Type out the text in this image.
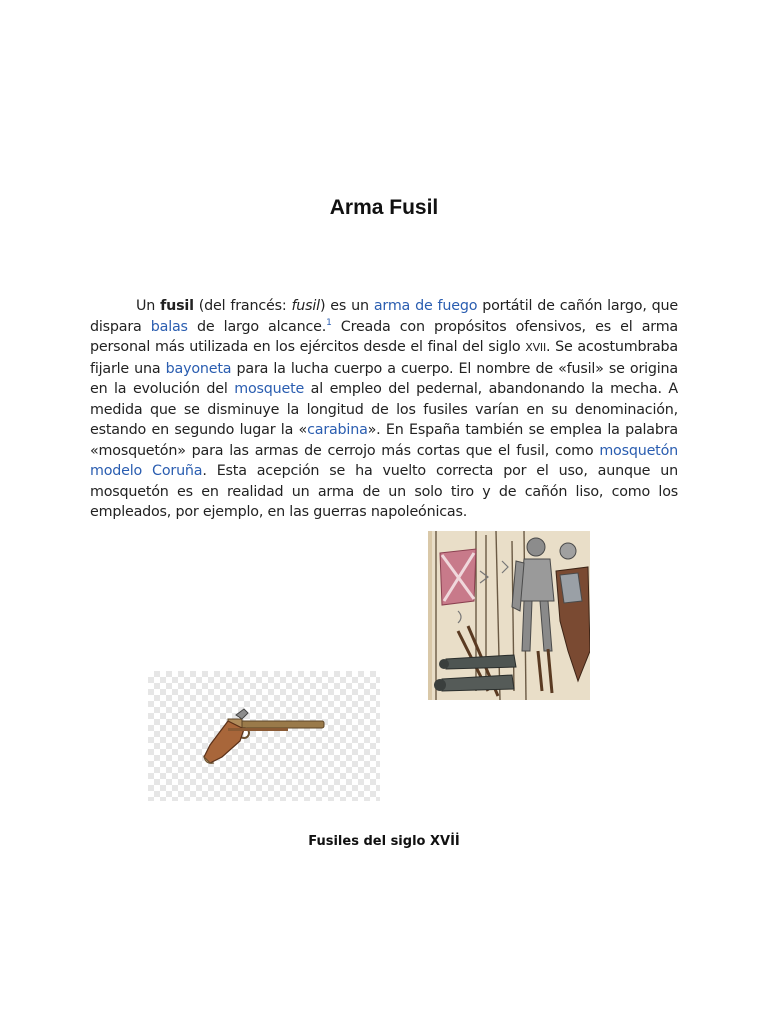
Arma Fusil
Un fusil (del francés: fusil) es un arma de fuego portátil de cañón largo, que dispara balas de largo alcance.$^1$ Creada con propósitos ofensivos, es el arma personal más utilizada en los ejércitos desde el final del siglo XVII. Se acostumbraba fijarle una bayoneta para la lucha cuerpo a cuerpo. El nombre de «fusil» se origina en la evolución del mosquete al empleo del pedernal, abandonando la mecha. A medida que se disminuye la longitud de los fusiles varían en su denominación, estando en segundo lugar la «carabina». En España también se emplea la palabra «mosquetón» para las armas de cerrojo más cortas que el fusil, como mosquetón modelo Coruña. Esta acepción se ha vuelto correcta por el uso, aunque un mosquetón es en realidad un arma de un solo tiro y de cañón liso, como los empleados, por ejemplo, en las guerras napoleónicas.
Fusiles del siglo XVİİ
